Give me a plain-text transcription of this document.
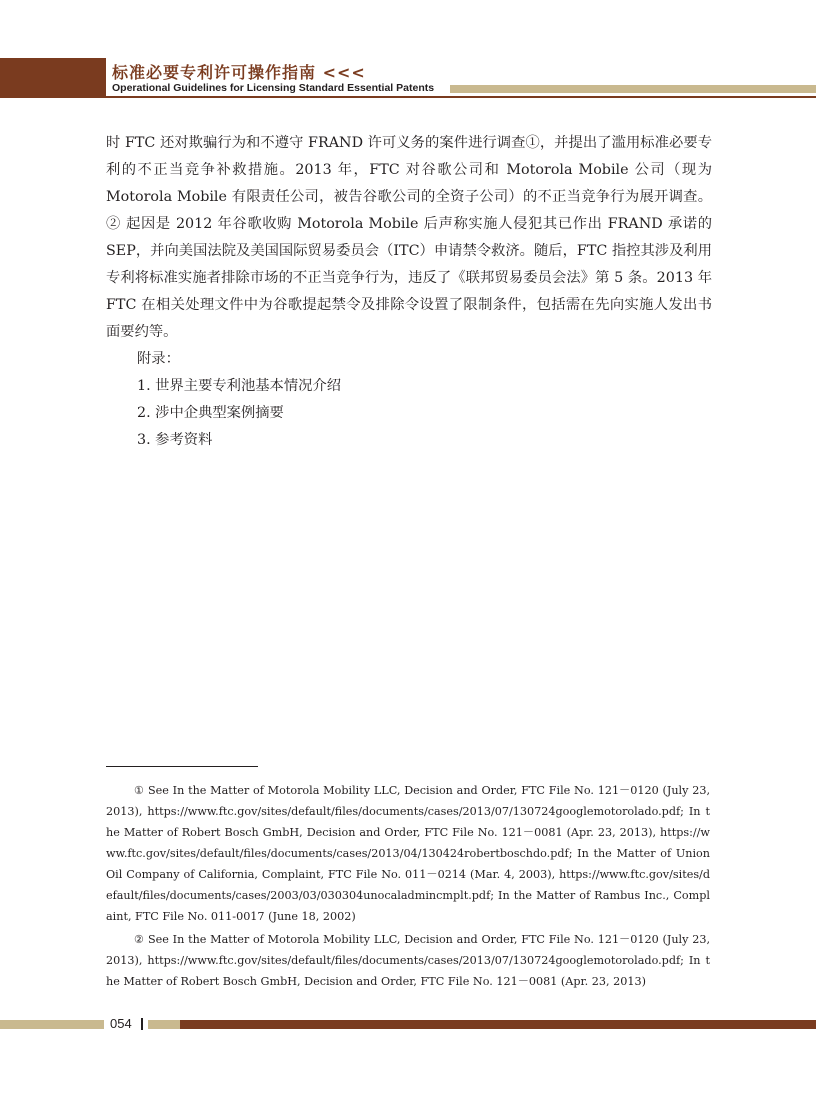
标准必要专利许可操作指南 <<<
Operational Guidelines for Licensing Standard Essential Patents

时 FTC 还对欺骗行为和不遵守 FRAND 许可义务的案件进行调查①，并提出了滥用标准必要专利的不正当竞争补救措施。2013 年，FTC 对谷歌公司和 Motorola Mobile 公司（现为 Motorola Mobile 有限责任公司，被告谷歌公司的全资子公司）的不正当竞争行为展开调查。② 起因是 2012 年谷歌收购 Motorola Mobile 后声称实施人侵犯其已作出 FRAND 承诺的 SEP，并向美国法院及美国国际贸易委员会（ITC）申请禁令救济。随后，FTC 指控其涉及利用专利将标准实施者排除市场的不正当竞争行为，违反了《联邦贸易委员会法》第 5 条。2013 年 FTC 在相关处理文件中为谷歌提起禁令及排除令设置了限制条件，包括需在先向实施人发出书面要约等。

附录：

1. 世界主要专利池基本情况介绍
2. 涉中企典型案例摘要
3. 参考资料

① See In the Matter of Motorola Mobility LLC, Decision and Order, FTC File No. 121－0120 (July 23, 2013), https://www.ftc.gov/sites/default/files/documents/cases/2013/07/130724googlemotorolado.pdf; In the Matter of Robert Bosch GmbH, Decision and Order, FTC File No. 121－0081 (Apr. 23, 2013), https://www.ftc.gov/sites/default/files/documents/cases/2013/04/130424robertboschdo.pdf; In the Matter of Union Oil Company of California, Complaint, FTC File No. 011－0214 (Mar. 4, 2003), https://www.ftc.gov/sites/default/files/documents/cases/2003/03/030304unocaladmincmplt.pdf; In the Matter of Rambus Inc., Complaint, FTC File No. 011-0017 (June 18, 2002)

② See In the Matter of Motorola Mobility LLC, Decision and Order, FTC File No. 121－0120 (July 23, 2013), https://www.ftc.gov/sites/default/files/documents/cases/2013/07/130724googlemotorolado.pdf; In the Matter of Robert Bosch GmbH, Decision and Order, FTC File No. 121－0081 (Apr. 23, 2013)

054
